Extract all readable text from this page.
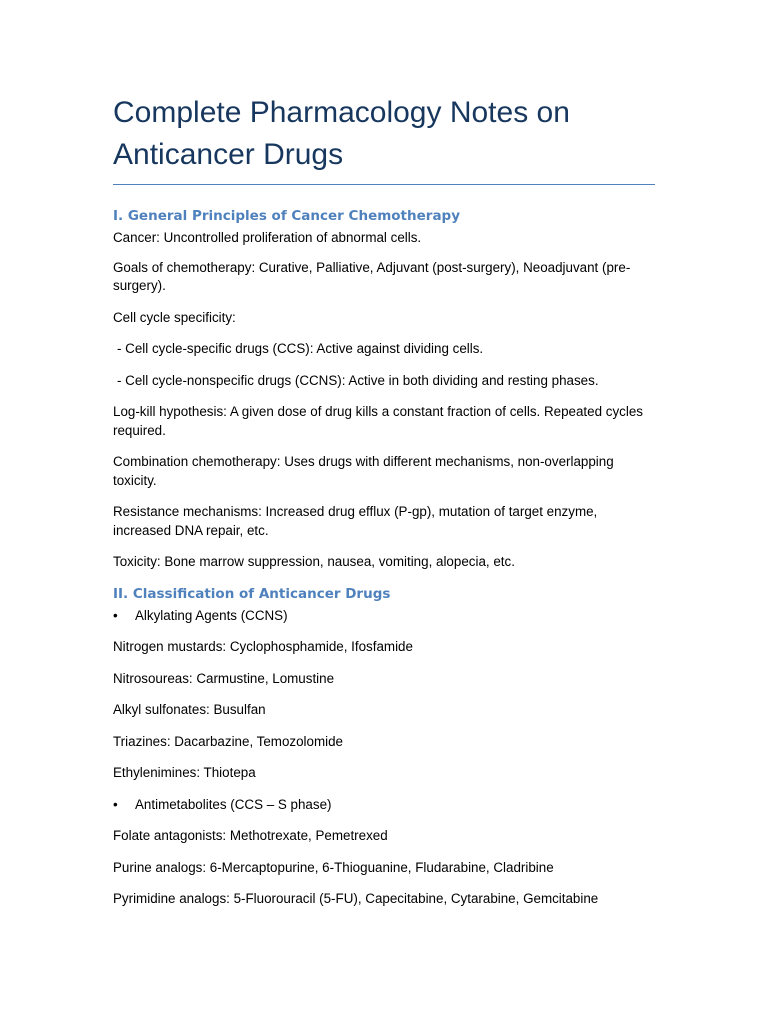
Complete Pharmacology Notes on Anticancer Drugs
I. General Principles of Cancer Chemotherapy

Cancer: Uncontrolled proliferation of abnormal cells.

Goals of chemotherapy: Curative, Palliative, Adjuvant (post-surgery), Neoadjuvant (pre-surgery).

Cell cycle specificity:

- Cell cycle-specific drugs (CCS): Active against dividing cells.

- Cell cycle-nonspecific drugs (CCNS): Active in both dividing and resting phases.

Log-kill hypothesis: A given dose of drug kills a constant fraction of cells. Repeated cycles required.

Combination chemotherapy: Uses drugs with different mechanisms, non-overlapping toxicity.

Resistance mechanisms: Increased drug efflux (P-gp), mutation of target enzyme, increased DNA repair, etc.

Toxicity: Bone marrow suppression, nausea, vomiting, alopecia, etc.

II. Classification of Anticancer Drugs
•	Alkylating Agents (CCNS)

Nitrogen mustards: Cyclophosphamide, Ifosfamide

Nitrosoureas: Carmustine, Lomustine

Alkyl sulfonates: Busulfan

Triazines: Dacarbazine, Temozolomide

Ethylenimines: Thiotepa

•	Antimetabolites (CCS – S phase)

Folate antagonists: Methotrexate, Pemetrexed

Purine analogs: 6-Mercaptopurine, 6-Thioguanine, Fludarabine, Cladribine

Pyrimidine analogs: 5-Fluorouracil (5-FU), Capecitabine, Cytarabine, Gemcitabine
